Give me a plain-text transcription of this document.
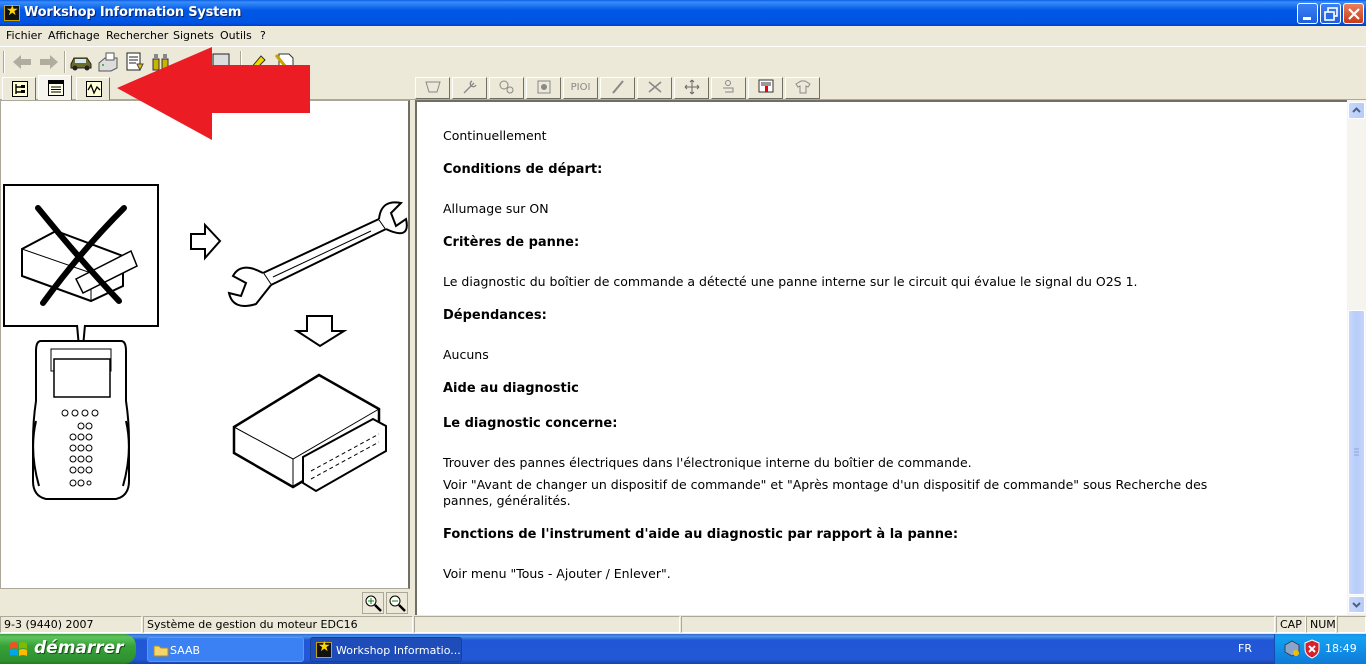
★
Workshop Information System
Fichier Affichage Rechercher Signets Outils ?
PIOI
Continuellement
Conditions de départ:
Allumage sur ON
Critères de panne:
Le diagnostic du boîtier de commande a détecté une panne interne sur le circuit qui évalue le signal du O2S 1.
Dépendances:
Aucuns
Aide au diagnostic
Le diagnostic concerne:
Trouver des pannes électriques dans l'électronique interne du boîtier de commande.
Voir "Avant de changer un dispositif de commande" et "Après montage d'un dispositif de commande" sous Recherche des
pannes, généralités.
Fonctions de l'instrument d'aide au diagnostic par rapport à la panne:
Voir menu "Tous - Ajouter / Enlever".
9-3 (9440) 2007	Système de gestion du moteur EDC16	CAP NUM
démarrer	SAAB	★ Workshop Informatio...	FR	18:49
